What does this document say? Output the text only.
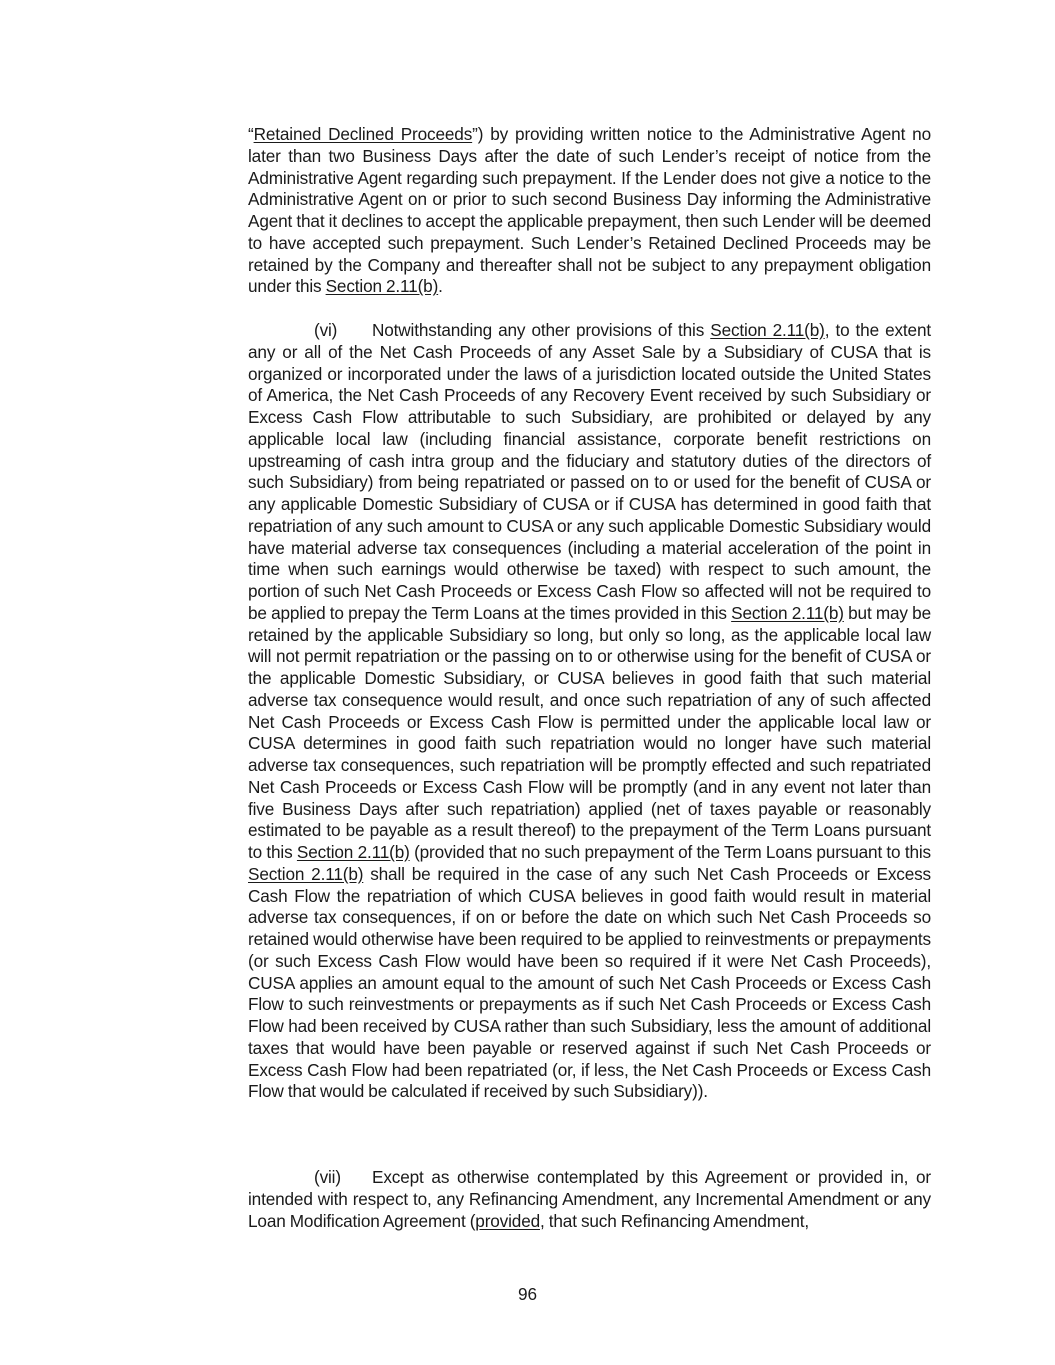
“Retained Declined Proceeds”) by providing written notice to the Administrative Agent no later than two Business Days after the date of such Lender’s receipt of notice from the Administrative Agent regarding such prepayment. If the Lender does not give a notice to the Administrative Agent on or prior to such second Business Day informing the Administrative Agent that it declines to accept the applicable prepayment, then such Lender will be deemed to have accepted such prepayment. Such Lender’s Retained Declined Proceeds may be retained by the Company and thereafter shall not be subject to any prepayment obligation under this Section 2.11(b).
(vi) Notwithstanding any other provisions of this Section 2.11(b), to the extent any or all of the Net Cash Proceeds of any Asset Sale by a Subsidiary of CUSA that is organized or incorporated under the laws of a jurisdiction located outside the United States of America, the Net Cash Proceeds of any Recovery Event received by such Subsidiary or Excess Cash Flow attributable to such Subsidiary, are prohibited or delayed by any applicable local law (including financial assistance, corporate benefit restrictions on upstreaming of cash intra group and the fiduciary and statutory duties of the directors of such Subsidiary) from being repatriated or passed on to or used for the benefit of CUSA or any applicable Domestic Subsidiary of CUSA or if CUSA has determined in good faith that repatriation of any such amount to CUSA or any such applicable Domestic Subsidiary would have material adverse tax consequences (including a material acceleration of the point in time when such earnings would otherwise be taxed) with respect to such amount, the portion of such Net Cash Proceeds or Excess Cash Flow so affected will not be required to be applied to prepay the Term Loans at the times provided in this Section 2.11(b) but may be retained by the applicable Subsidiary so long, but only so long, as the applicable local law will not permit repatriation or the passing on to or otherwise using for the benefit of CUSA or the applicable Domestic Subsidiary, or CUSA believes in good faith that such material adverse tax consequence would result, and once such repatriation of any of such affected Net Cash Proceeds or Excess Cash Flow is permitted under the applicable local law or CUSA determines in good faith such repatriation would no longer have such material adverse tax consequences, such repatriation will be promptly effected and such repatriated Net Cash Proceeds or Excess Cash Flow will be promptly (and in any event not later than five Business Days after such repatriation) applied (net of taxes payable or reasonably estimated to be payable as a result thereof) to the prepayment of the Term Loans pursuant to this Section 2.11(b) (provided that no such prepayment of the Term Loans pursuant to this Section 2.11(b) shall be required in the case of any such Net Cash Proceeds or Excess Cash Flow the repatriation of which CUSA believes in good faith would result in material adverse tax consequences, if on or before the date on which such Net Cash Proceeds so retained would otherwise have been required to be applied to reinvestments or prepayments (or such Excess Cash Flow would have been so required if it were Net Cash Proceeds), CUSA applies an amount equal to the amount of such Net Cash Proceeds or Excess Cash Flow to such reinvestments or prepayments as if such Net Cash Proceeds or Excess Cash Flow had been received by CUSA rather than such Subsidiary, less the amount of additional taxes that would have been payable or reserved against if such Net Cash Proceeds or Excess Cash Flow had been repatriated (or, if less, the Net Cash Proceeds or Excess Cash Flow that would be calculated if received by such Subsidiary)).
(vii) Except as otherwise contemplated by this Agreement or provided in, or intended with respect to, any Refinancing Amendment, any Incremental Amendment or any Loan Modification Agreement (provided, that such Refinancing Amendment,
96
